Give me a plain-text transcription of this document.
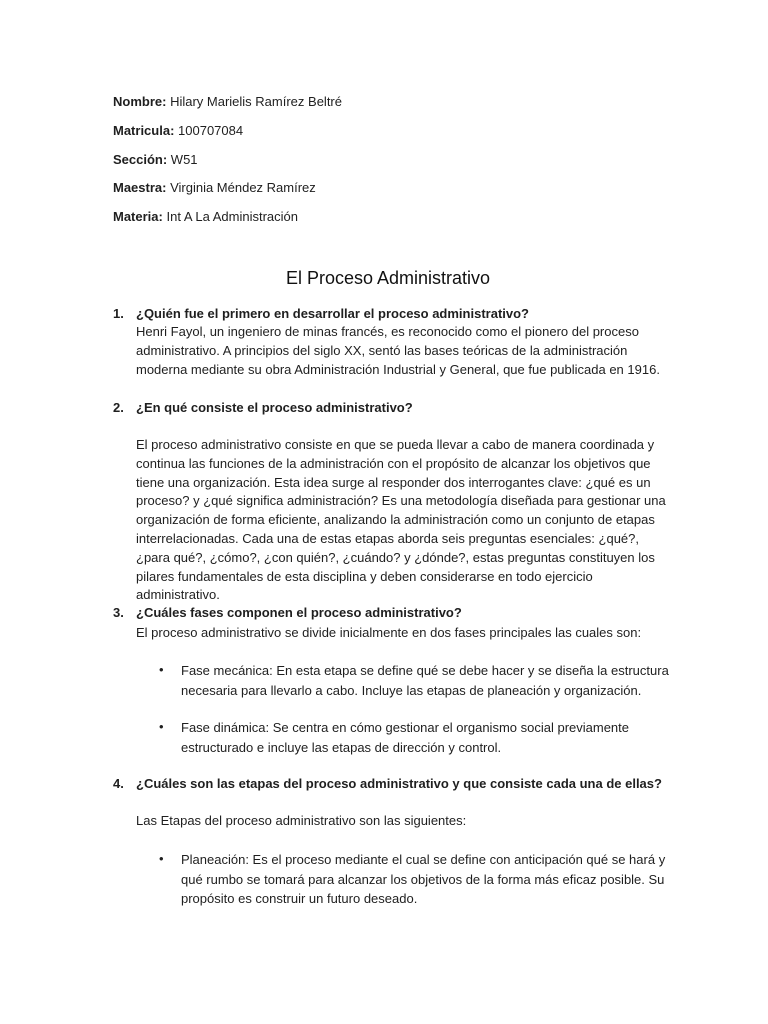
Nombre: Hilary Marielis Ramírez Beltré
Matricula: 100707084
Sección: W51
Maestra: Virginia Méndez Ramírez
Materia: Int A La Administración
El Proceso Administrativo
1. ¿Quién fue el primero en desarrollar el proceso administrativo?

Henri Fayol, un ingeniero de minas francés, es reconocido como el pionero del proceso administrativo. A principios del siglo XX, sentó las bases teóricas de la administración moderna mediante su obra Administración Industrial y General, que fue publicada en 1916.

2. ¿En qué consiste el proceso administrativo?

El proceso administrativo consiste en que se pueda llevar a cabo de manera coordinada y continua las funciones de la administración con el propósito de alcanzar los objetivos que tiene una organización. Esta idea surge al responder dos interrogantes clave: ¿qué es un proceso? y ¿qué significa administración? Es una metodología diseñada para gestionar una organización de forma eficiente, analizando la administración como un conjunto de etapas interrelacionadas. Cada una de estas etapas aborda seis preguntas esenciales: ¿qué?, ¿para qué?, ¿cómo?, ¿con quién?, ¿cuándo? y ¿dónde?, estas preguntas constituyen los pilares fundamentales de esta disciplina y deben considerarse en todo ejercicio administrativo.

3. ¿Cuáles fases componen el proceso administrativo?

El proceso administrativo se divide inicialmente en dos fases principales las cuales son:

• Fase mecánica: En esta etapa se define qué se debe hacer y se diseña la estructura necesaria para llevarlo a cabo. Incluye las etapas de planeación y organización.

• Fase dinámica: Se centra en cómo gestionar el organismo social previamente estructurado e incluye las etapas de dirección y control.

4. ¿Cuáles son las etapas del proceso administrativo y que consiste cada una de ellas?

Las Etapas del proceso administrativo son las siguientes:

• Planeación: Es el proceso mediante el cual se define con anticipación qué se hará y qué rumbo se tomará para alcanzar los objetivos de la forma más eficaz posible. Su propósito es construir un futuro deseado.
